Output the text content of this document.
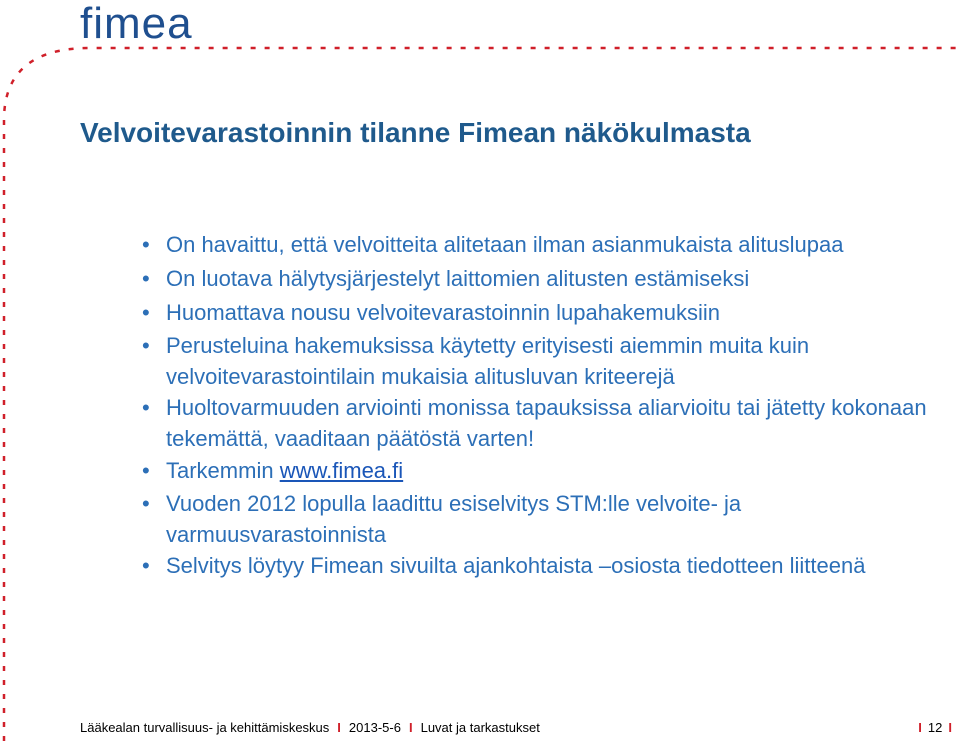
fimea
Velvoitevarastoinnin tilanne Fimean näkökulmasta
• On havaittu, että velvoitteita alitetaan ilman asianmukaista alituslupaa
• On luotava hälytysjärjestelyt laittomien alitusten estämiseksi
• Huomattava nousu velvoitevarastoinnin lupahakemuksiin
• Perusteluina hakemuksissa käytetty erityisesti aiemmin muita kuin velvoitevarastointilain mukaisia alitusluvan kriteerejä
• Huoltovarmuuden arviointi monissa tapauksissa aliarvioitu tai jätetty kokonaan tekemättä, vaaditaan päätöstä varten!
• Tarkemmin www.fimea.fi
• Vuoden 2012 lopulla laadittu esiselvitys STM:lle velvoite- ja varmuusvarastoinnista
• Selvitys löytyy Fimean sivuilta ajankohtaista –osiosta tiedotteen liitteenä
Lääkealan turvallisuus- ja kehittämiskeskus I 2013-5-6 I Luvat ja tarkastukset	I 12 I
